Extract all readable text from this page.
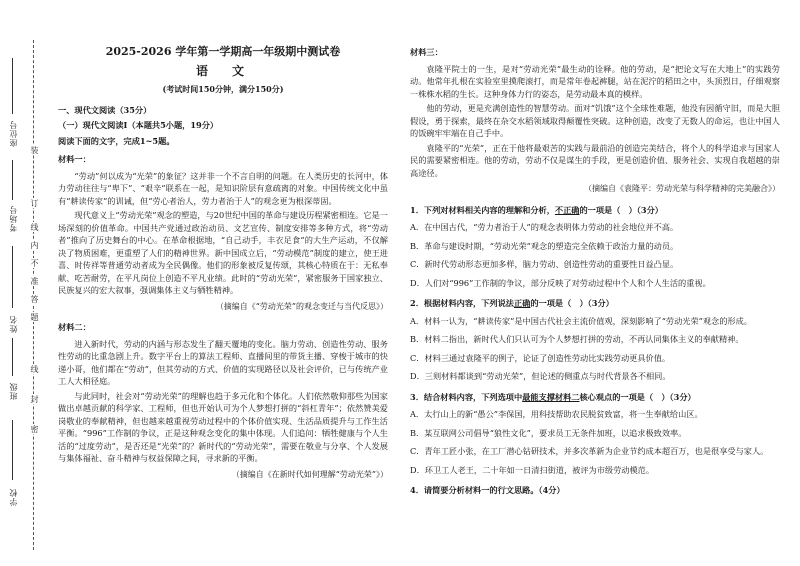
学校
班级
姓名
考场号
座位号
装
订
线
内
不
准
答
题
线
封
密
2025-2026 学年第一学期高一年级期中测试卷
语　文
(考试时间150分钟，满分150分)
一、现代文阅读（35分）
（一）现代文阅读Ⅰ（本题共5小题，19分）
阅读下面的文字，完成1~5题。
材料一：

“劳动”何以成为“光荣”的象征？这并非一个不言自明的问题。在人类历史的长河中，体力劳动往往与“卑下”、“艰辛”联系在一起，是知识阶层有意疏离的对象。中国传统文化中虽有“耕读传家”的训诫，但“劳心者治人，劳力者治于人”的观念更为根深蒂固。

现代意义上“劳动光荣”观念的塑造，与20世纪中国的革命与建设历程紧密相连。它是一场深刻的价值革命。中国共产党通过政治动员、文艺宣传、制度安排等多种方式，将“劳动者”推向了历史舞台的中心。在革命根据地，“自己动手，丰衣足食”的大生产运动，不仅解决了物质困难，更重塑了人们的精神世界。新中国成立后，“劳动模范”制度的建立，使王进喜、时传祥等普通劳动者成为全民偶像。他们的形象被反复传颂，其核心特质在于：无私奉献、吃苦耐劳，在平凡岗位上创造不平凡业绩。此时的“劳动光荣”，紧密服务于国家独立、民族复兴的宏大叙事，强调集体主义与牺牲精神。

（摘编自《“劳动光荣”的观念变迁与当代反思》）
材料二：

进入新时代，劳动的内涵与形态发生了翻天覆地的变化。脑力劳动、创造性劳动、服务性劳动的比重急剧上升。数字平台上的算法工程师、直播间里的带货主播、穿梭于城市的快递小哥，他们都在“劳动”，但其劳动的方式、价值的实现路径以及社会评价，已与传统产业工人大相径庭。

与此同时，社会对“劳动光荣”的理解也趋于多元化和个体化。人们依然敬仰那些为国家做出卓越贡献的科学家、工程师，但也开始认可为个人梦想打拼的“斜杠青年”；依然赞美爱岗敬业的奉献精神，但也越来越重视劳动过程中的个体价值实现、生活品质提升与工作生活平衡。“996”工作制的争议，正是这种观念变化的集中体现。人们追问：牺牲健康与个人生活的“过度劳动”，是否还是“光荣”的？新时代的“劳动光荣”，需要在敬业与分享、个人发展与集体福祉、奋斗精神与权益保障之间，寻求新的平衡。

（摘编自《在新时代如何理解“劳动光荣”》）
材料三：

袁隆平院士的一生，是对“劳动光荣”最生动的诠释。他的劳动，是“把论文写在大地上”的实践劳动。他常年扎根在实验室里摸爬滚打，而是常年卷起裤腿，站在泥泞的稻田之中，头顶烈日，仔细观察一株株水稻的生长。这种身体力行的姿态，是劳动最本真的模样。

他的劳动，更是充满创造性的智慧劳动。面对“饥饿”这个全球性难题，他没有因循守旧，而是大胆假设，勇于探索，最终在杂交水稻领域取得颠覆性突破。这种创造，改变了无数人的命运，也让中国人的饭碗牢牢端在自己手中。

袁隆平的“光荣”，正在于他将最艰苦的实践与最前沿的创造完美结合，将个人的科学追求与国家人民的需要紧密相连。他的劳动，劳动不仅是谋生的手段，更是创造价值、服务社会、实现自我超越的崇高途径。

（摘编自《袁隆平：劳动光荣与科学精神的完美融合》）
1．下列对材料相关内容的理解和分析，不正确的一项是（　）（3分）
A．在中国古代，“劳力者治于人”的观念表明体力劳动的社会地位并不高。
B．革命与建设时期，“劳动光荣”观念的塑造完全依赖于政治力量的动员。
C．新时代劳动形态更加多样，脑力劳动、创造性劳动的重要性日益凸显。
D．人们对“996”工作制的争议，部分反映了对劳动过程中个人和个人生活的重视。
2．根据材料内容，下列说法正确的一项是（　）（3分）
A．材料一认为，“耕读传家”是中国古代社会主流价值观，深刻影响了“劳动光荣”观念的形成。
B．材料二指出，新时代人们只认可为个人梦想打拼的劳动，不再认同集体主义的奉献精神。
C．材料三通过袁隆平的例子，论证了创造性劳动比实践劳动更具价值。
D．三则材料都谈到“劳动光荣”，但论述的侧重点与时代背景各不相同。
3．结合材料内容，下列选项中最能支撑材料二核心观点的一项是（　）（3分）
A．太行山上的新“愚公”李保国，用科技帮助农民脱贫致富，将一生奉献给山区。
B．某互联网公司倡导“狼性文化”，要求员工无条件加班，以追求极致效率。
C．青年工匠小张，在工厂潜心钻研技术，并多次革新为企业节约成本超百万，也是很享受与家人。
D．环卫工人老王，二十年如一日清扫街道，被评为市级劳动模范。
4．请简要分析材料一的行文思路。（4分）
